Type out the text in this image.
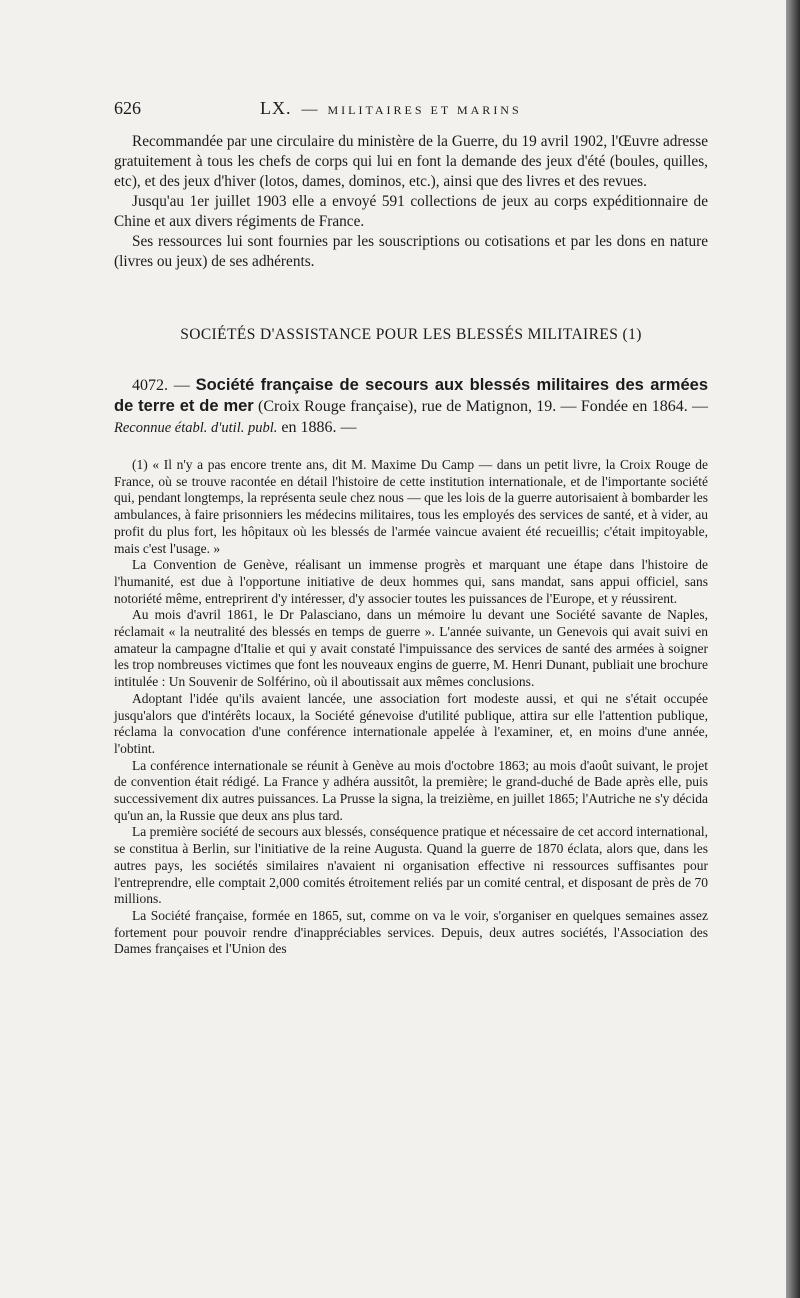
626	LX. — MILITAIRES ET MARINS

Recommandée par une circulaire du ministère de la Guerre, du 19 avril 1902, l'Œuvre adresse gratuitement à tous les chefs de corps qui lui en font la demande des jeux d'été (boules, quilles, etc), et des jeux d'hiver (lotos, dames, dominos, etc.), ainsi que des livres et des revues.

Jusqu'au 1er juillet 1903 elle a envoyé 591 collections de jeux au corps expéditionnaire de Chine et aux divers régiments de France.

Ses ressources lui sont fournies par les souscriptions ou cotisations et par les dons en nature (livres ou jeux) de ses adhérents.

SOCIÉTÉS D'ASSISTANCE POUR LES BLESSÉS MILITAIRES (1)
4072. — Société française de secours aux blessés militaires des armées de terre et de mer (Croix Rouge française), rue de Matignon, 19. — Fondée en 1864. — Reconnue établ. d'util. publ. en 1886. —

(1) « Il n'y a pas encore trente ans, dit M. Maxime Du Camp — dans un petit livre, la Croix Rouge de France, où se trouve racontée en détail l'histoire de cette institution internationale, et de l'importante société qui, pendant longtemps, la représenta seule chez nous — que les lois de la guerre autorisaient à bombarder les ambulances, à faire prisonniers les médecins militaires, tous les employés des services de santé, et à vider, au profit du plus fort, les hôpitaux où les blessés de l'armée vaincue avaient été recueillis; c'était impitoyable, mais c'est l'usage. »

La Convention de Genève, réalisant un immense progrès et marquant une étape dans l'histoire de l'humanité, est due à l'opportune initiative de deux hommes qui, sans mandat, sans appui officiel, sans notoriété même, entreprirent d'y intéresser, d'y associer toutes les puissances de l'Europe, et y réussirent.

Au mois d'avril 1861, le Dr Palasciano, dans un mémoire lu devant une Société savante de Naples, réclamait « la neutralité des blessés en temps de guerre ». L'année suivante, un Genevois qui avait suivi en amateur la campagne d'Italie et qui y avait constaté l'impuissance des services de santé des armées à soigner les trop nombreuses victimes que font les nouveaux engins de guerre, M. Henri Dunant, publiait une brochure intitulée : Un Souvenir de Solférino, où il aboutissait aux mêmes conclusions.

Adoptant l'idée qu'ils avaient lancée, une association fort modeste aussi, et qui ne s'était occupée jusqu'alors que d'intérêts locaux, la Société génevoise d'utilité publique, attira sur elle l'attention publique, réclama la convocation d'une conférence internationale appelée à l'examiner, et, en moins d'une année, l'obtint.

La conférence internationale se réunit à Genève au mois d'octobre 1863; au mois d'août suivant, le projet de convention était rédigé. La France y adhéra aussitôt, la première; le grand-duché de Bade après elle, puis successivement dix autres puissances. La Prusse la signa, la treizième, en juillet 1865; l'Autriche ne s'y décida qu'un an, la Russie que deux ans plus tard.

La première société de secours aux blessés, conséquence pratique et nécessaire de cet accord international, se constitua à Berlin, sur l'initiative de la reine Augusta. Quand la guerre de 1870 éclata, alors que, dans les autres pays, les sociétés similaires n'avaient ni organisation effective ni ressources suffisantes pour l'entreprendre, elle comptait 2,000 comités étroitement reliés par un comité central, et disposant de près de 70 millions.

La Société française, formée en 1865, sut, comme on va le voir, s'organiser en quelques semaines assez fortement pour pouvoir rendre d'inappréciables services. Depuis, deux autres sociétés, l'Association des Dames françaises et l'Union des
